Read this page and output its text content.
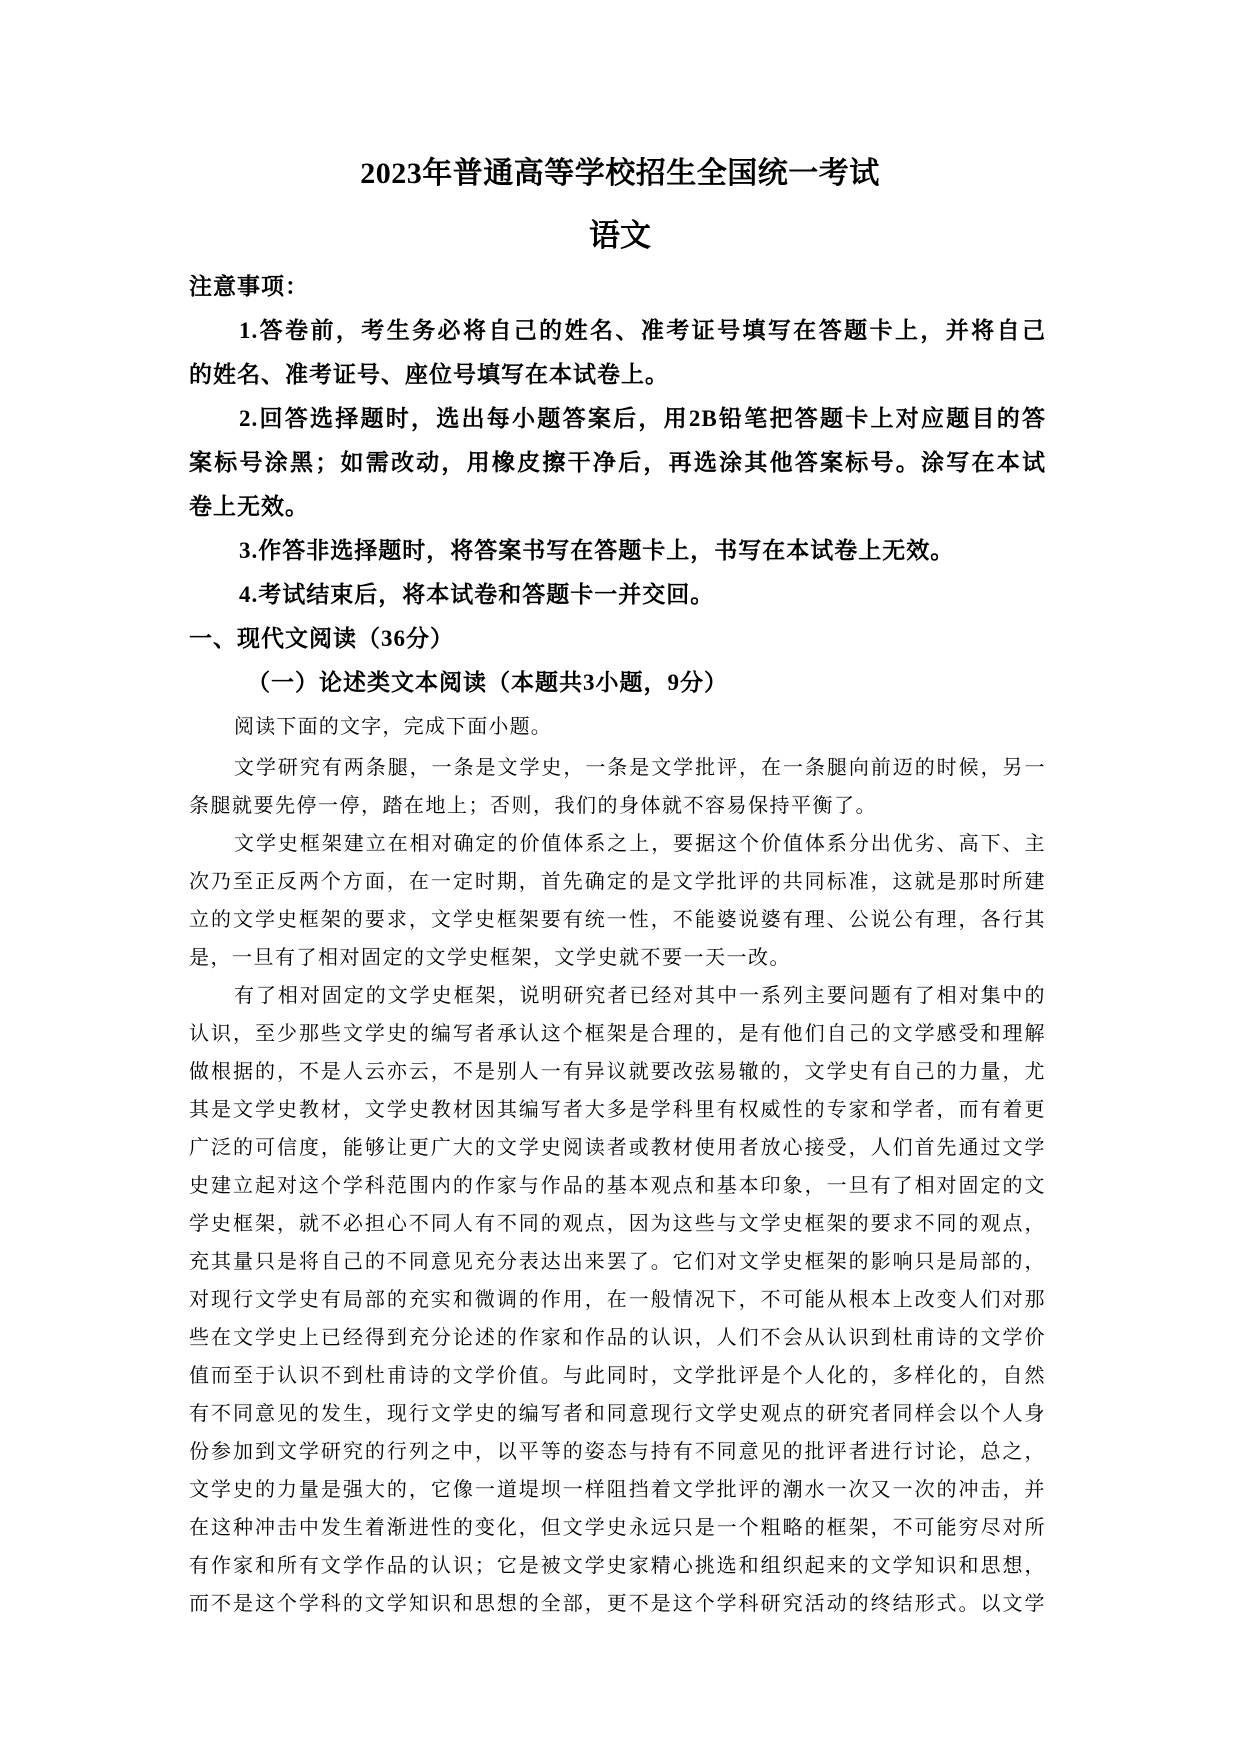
2023年普通高等学校招生全国统一考试
语文
注意事项：
1.答卷前，考生务必将自己的姓名、准考证号填写在答题卡上，并将自己
的姓名、准考证号、座位号填写在本试卷上。
2.回答选择题时，选出每小题答案后，用2B铅笔把答题卡上对应题目的答
案标号涂黑；如需改动，用橡皮擦干净后，再选涂其他答案标号。涂写在本试
卷上无效。
3.作答非选择题时，将答案书写在答题卡上，书写在本试卷上无效。
4.考试结束后，将本试卷和答题卡一并交回。
一、现代文阅读（36分）
（一）论述类文本阅读（本题共3小题，9分）
阅读下面的文字，完成下面小题。
文学研究有两条腿，一条是文学史，一条是文学批评，在一条腿向前迈的时候，另一
条腿就要先停一停，踏在地上；否则，我们的身体就不容易保持平衡了。
文学史框架建立在相对确定的价值体系之上，要据这个价值体系分出优劣、高下、主
次乃至正反两个方面，在一定时期，首先确定的是文学批评的共同标准，这就是那时所建
立的文学史框架的要求，文学史框架要有统一性，不能婆说婆有理、公说公有理，各行其
是，一旦有了相对固定的文学史框架，文学史就不要一天一改。
有了相对固定的文学史框架，说明研究者已经对其中一系列主要问题有了相对集中的
认识，至少那些文学史的编写者承认这个框架是合理的，是有他们自己的文学感受和理解
做根据的，不是人云亦云，不是别人一有异议就要改弦易辙的，文学史有自己的力量，尤
其是文学史教材，文学史教材因其编写者大多是学科里有权威性的专家和学者，而有着更
广泛的可信度，能够让更广大的文学史阅读者或教材使用者放心接受，人们首先通过文学
史建立起对这个学科范围内的作家与作品的基本观点和基本印象，一旦有了相对固定的文
学史框架，就不必担心不同人有不同的观点，因为这些与文学史框架的要求不同的观点，
充其量只是将自己的不同意见充分表达出来罢了。它们对文学史框架的影响只是局部的，
对现行文学史有局部的充实和微调的作用，在一般情况下，不可能从根本上改变人们对那
些在文学史上已经得到充分论述的作家和作品的认识，人们不会从认识到杜甫诗的文学价
值而至于认识不到杜甫诗的文学价值。与此同时，文学批评是个人化的，多样化的，自然
有不同意见的发生，现行文学史的编写者和同意现行文学史观点的研究者同样会以个人身
份参加到文学研究的行列之中，以平等的姿态与持有不同意见的批评者进行讨论，总之，
文学史的力量是强大的，它像一道堤坝一样阻挡着文学批评的潮水一次又一次的冲击，并
在这种冲击中发生着渐进性的变化，但文学史永远只是一个粗略的框架，不可能穷尽对所
有作家和所有文学作品的认识；它是被文学史家精心挑选和组织起来的文学知识和思想，
而不是这个学科的文学知识和思想的全部，更不是这个学科研究活动的终结形式。以文学
